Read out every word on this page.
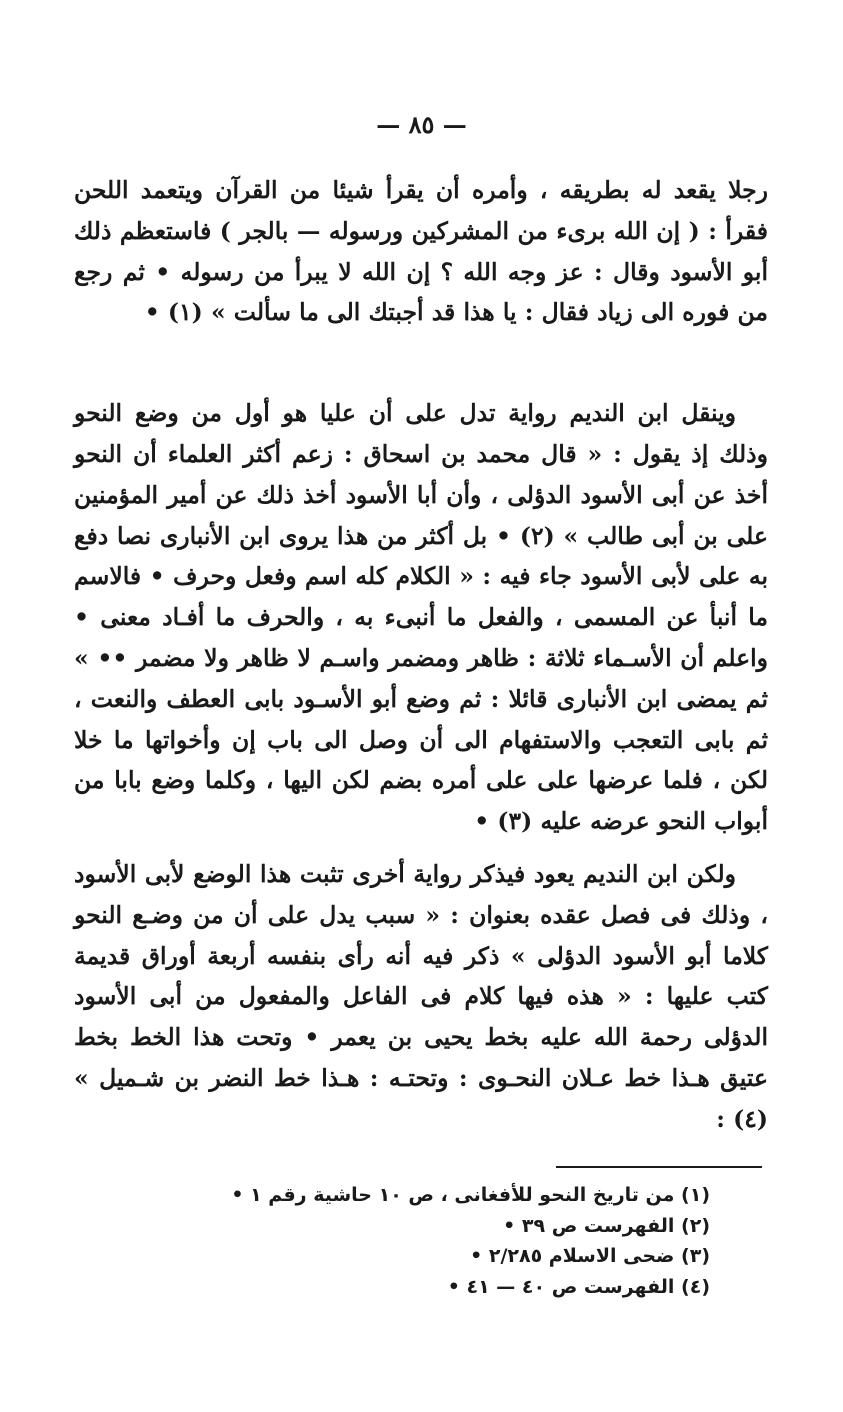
— ٨٥ —

رجلا يقعد له بطريقه ، وأمره أن يقرأ شيئا من القرآن ويتعمد اللحن فقرأ : ( إن الله برىء من المشركين ورسوله — بالجر ) فاستعظم ذلك أبو الأسود وقال : عز وجه الله ؟ إن الله لا يبرأ من رسوله • ثم رجع من فوره الى زياد فقال : يا هذا قد أجبتك الى ما سألت » (١) •

وينقل ابن النديم رواية تدل على أن عليا هو أول من وضع النحو وذلك إذ يقول : « قال محمد بن اسحاق : زعم أكثر العلماء أن النحو أخذ عن أبى الأسود الدؤلى ، وأن أبا الأسود أخذ ذلك عن أمير المؤمنين على بن أبى طالب » (٢) • بل أكثر من هذا يروى ابن الأنبارى نصا دفع به على لأبى الأسود جاء فيه : « الكلام كله اسم وفعل وحرف • فالاسم ما أنبأ عن المسمى ، والفعل ما أنبىء به ، والحرف ما أفـاد معنى • واعلم أن الأسـماء ثلاثة : ظاهر ومضمر واسـم لا ظاهر ولا مضمر •• » ثم يمضى ابن الأنبارى قائلا : ثم وضع أبو الأسـود بابى العطف والنعت ، ثم بابى التعجب والاستفهام الى أن وصل الى باب إن وأخواتها ما خلا لكن ، فلما عرضها على على أمره بضم لكن اليها ، وكلما وضع بابا من أبواب النحو عرضه عليه (٣) •

ولكن ابن النديم يعود فيذكر رواية أخرى تثبت هذا الوضع لأبى الأسود ، وذلك فى فصل عقده بعنوان : « سبب يدل على أن من وضـع النحو كلاما أبو الأسود الدؤلى » ذكر فيه أنه رأى بنفسه أربعة أوراق قديمة كتب عليها : « هذه فيها كلام فى الفاعل والمفعول من أبى الأسود الدؤلى رحمة الله عليه بخط يحيى بن يعمر • وتحت هذا الخط بخط عتيق هـذا خط عـلان النحـوى : وتحتـه : هـذا خط النضر بن شـميل » (٤) :

(١) من تاريخ النحو للأفغانى ، ص ١٠ حاشية رقم ١ •
(٢) الفهرست ص ٣٩ •
(٣) ضحى الاسلام ٢/٢٨٥ •
(٤) الفهرست ص ٤٠ — ٤١ •
